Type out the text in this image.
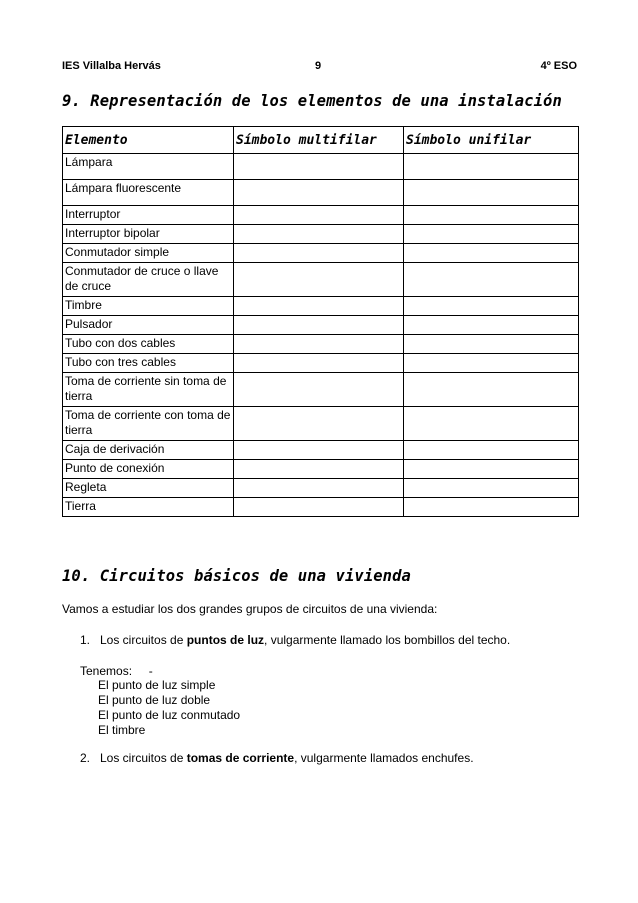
IES Villalba Hervás	9	4º ESO
9. Representación de los elementos de una instalación
Elemento	Símbolo multifilar	Símbolo unifilar
Lámpara		
Lámpara fluorescente		
Interruptor		
Interruptor bipolar		
Conmutador simple		
Conmutador de cruce o llave de cruce		
Timbre		
Pulsador		
Tubo con dos cables		
Tubo con tres cables		
Toma de corriente sin toma de tierra		
Toma de corriente con toma de tierra		
Caja de derivación		
Punto de conexión		
Regleta		
Tierra		
10. Circuitos básicos de una vivienda
Vamos a estudiar los dos grandes grupos de circuitos de una vivienda:
1. Los circuitos de puntos de luz, vulgarmente llamado los bombillos del techo.
Tenemos:     -
El punto de luz simple
El punto de luz doble
El punto de luz conmutado
El timbre
2. Los circuitos de tomas de corriente, vulgarmente llamados enchufes.
